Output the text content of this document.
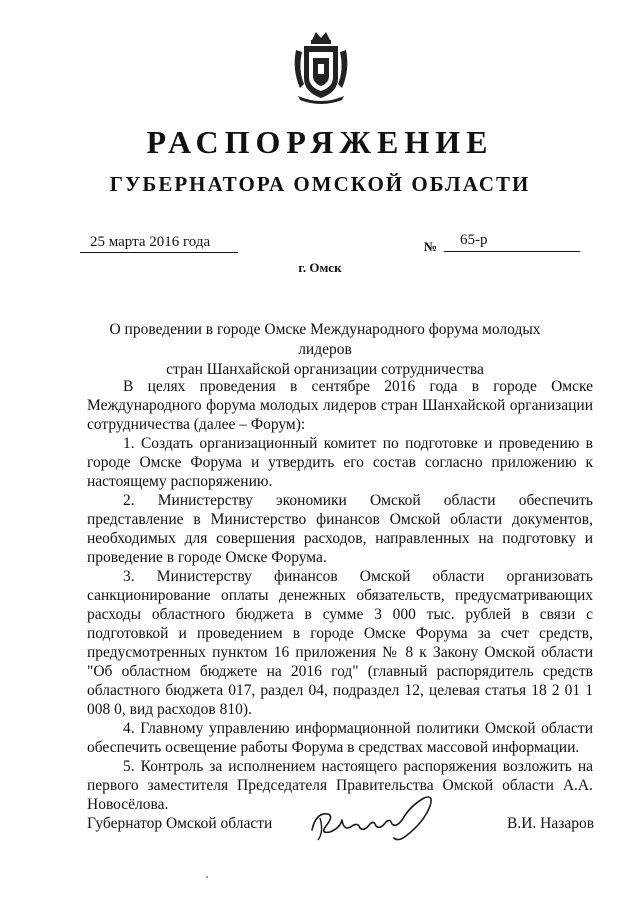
РАСПОРЯЖЕНИЕ
ГУБЕРНАТОРА ОМСКОЙ ОБЛАСТИ
25 марта 2016 года	№	65-р
г. Омск
О проведении в городе Омске Международного форума молодых лидеров
стран Шанхайской организации сотрудничества

В целях проведения в сентябре 2016 года в городе Омске Международного форума молодых лидеров стран Шанхайской организации сотрудничества (далее – Форум):

1. Создать организационный комитет по подготовке и проведению в городе Омске Форума и утвердить его состав согласно приложению к настоящему распоряжению.

2. Министерству экономики Омской области обеспечить представление в Министерство финансов Омской области документов, необходимых для совершения расходов, направленных на подготовку и проведение в городе Омске Форума.

3. Министерству финансов Омской области организовать санкционирование оплаты денежных обязательств, предусматривающих расходы областного бюджета в сумме 3 000 тыс. рублей в связи с подготовкой и проведением в городе Омске Форума за счет средств, предусмотренных пунктом 16 приложения № 8 к Закону Омской области "Об областном бюджете на 2016 год" (главный распорядитель средств областного бюджета 017, раздел 04, подраздел 12, целевая статья 18 2 01 1 008 0, вид расходов 810).

4. Главному управлению информационной политики Омской области обеспечить освещение работы Форума в средствах массовой информации.

5. Контроль за исполнением настоящего распоряжения возложить на первого заместителя Председателя Правительства Омской области А.А. Новосёлова.

Губернатор Омской области	В.И. Назаров
